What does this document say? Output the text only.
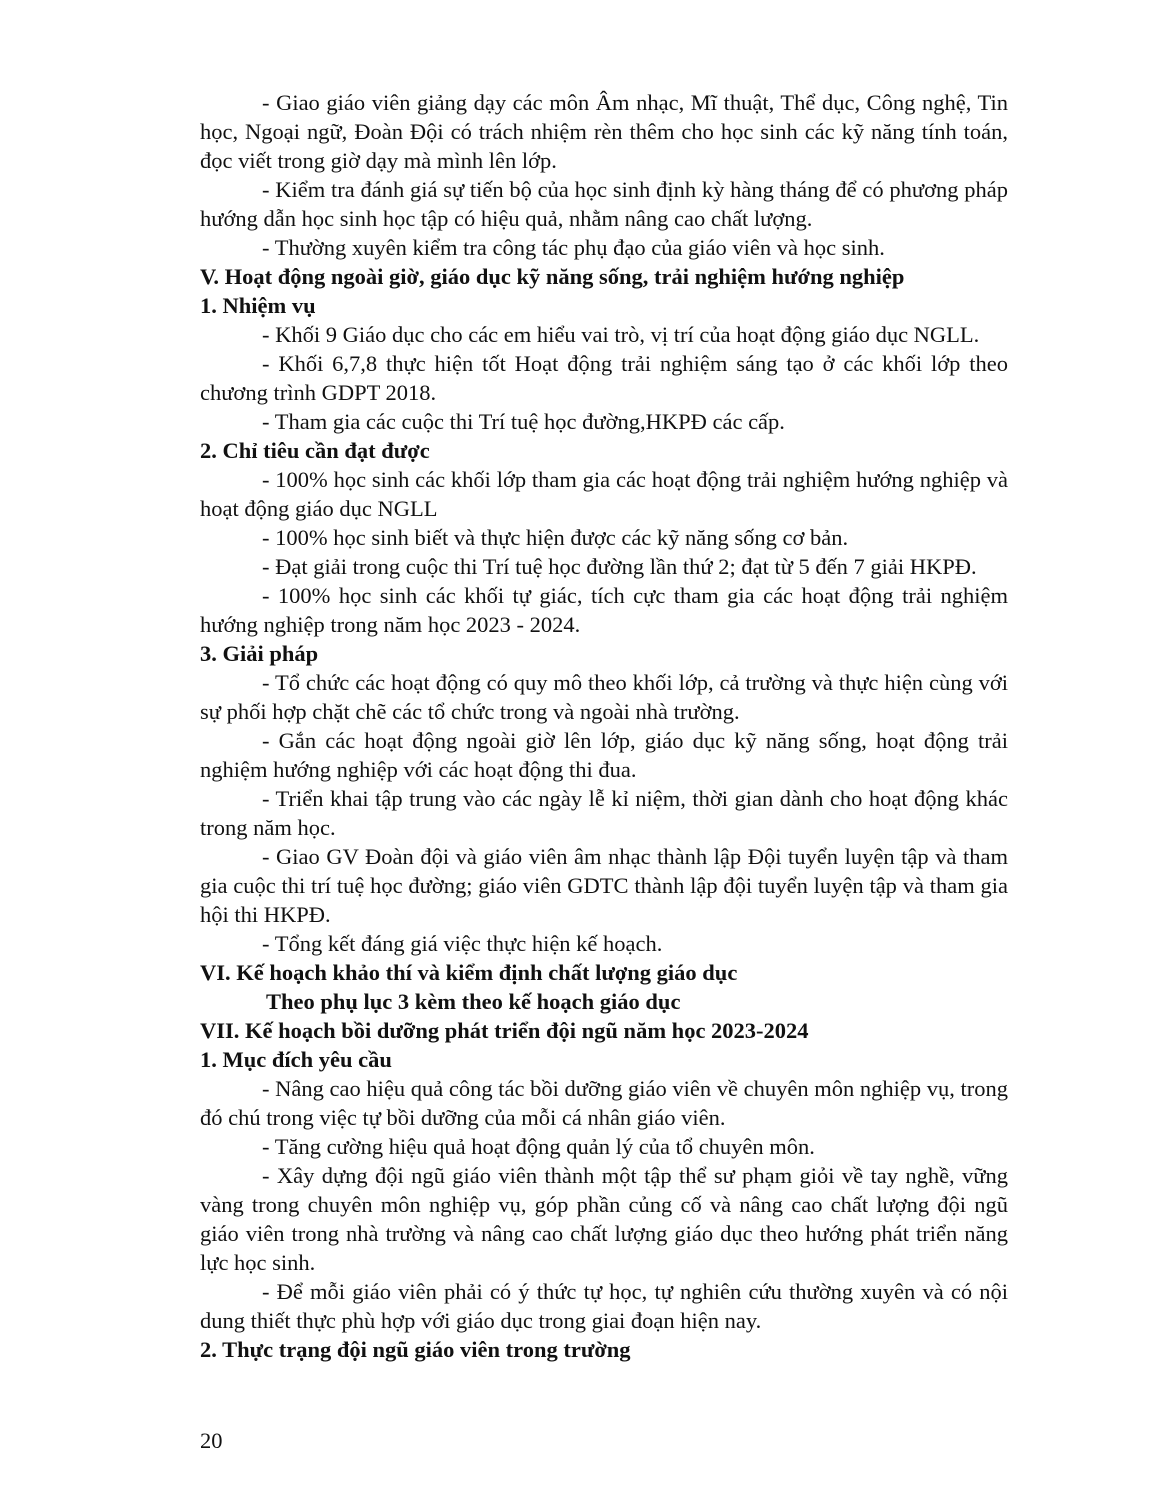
- Giao giáo viên giảng dạy các môn Âm nhạc, Mĩ thuật, Thể dục, Công nghệ, Tin học, Ngoại ngữ, Đoàn Đội có trách nhiệm rèn thêm cho học sinh các kỹ năng tính toán, đọc viết trong giờ dạy mà mình lên lớp.

- Kiểm tra đánh giá sự tiến bộ của học sinh định kỳ hàng tháng để có phương pháp hướng dẫn học sinh học tập có hiệu quả, nhằm nâng cao chất lượng.

- Thường xuyên kiểm tra công tác phụ đạo của giáo viên và học sinh.

V. Hoạt động ngoài giờ, giáo dục kỹ năng sống, trải nghiệm hướng nghiệp

1. Nhiệm vụ

- Khối 9 Giáo dục cho các em hiểu vai trò, vị trí của hoạt động giáo dục NGLL.

- Khối 6,7,8 thực hiện tốt Hoạt động trải nghiệm sáng tạo ở các khối lớp theo chương trình GDPT 2018.

- Tham gia các cuộc thi Trí tuệ học đường,HKPĐ các cấp.

2. Chỉ tiêu cần đạt được

- 100% học sinh các khối lớp tham gia các hoạt động trải nghiệm hướng nghiệp và hoạt động giáo dục NGLL

- 100% học sinh biết và thực hiện được các kỹ năng sống cơ bản.

- Đạt giải trong cuộc thi Trí tuệ học đường lần thứ 2; đạt từ 5 đến 7 giải HKPĐ.

- 100% học sinh các khối tự giác, tích cực tham gia các hoạt động trải nghiệm hướng nghiệp trong năm học 2023 - 2024.

3. Giải pháp

- Tổ chức các hoạt động có quy mô theo khối lớp, cả trường và thực hiện cùng với sự phối hợp chặt chẽ các tổ chức trong và ngoài nhà trường.

- Gắn các hoạt động ngoài giờ lên lớp, giáo dục kỹ năng sống, hoạt động trải nghiệm hướng nghiệp với các hoạt động thi đua.

- Triển khai tập trung vào các ngày lễ kỉ niệm, thời gian dành cho hoạt động khác trong năm học.

- Giao GV Đoàn đội và giáo viên âm nhạc thành lập Đội tuyển luyện tập và tham gia cuộc thi trí tuệ học đường; giáo viên GDTC thành lập đội tuyển luyện tập và tham gia hội thi HKPĐ.

- Tổng kết đáng giá việc thực hiện kế hoạch.

VI. Kế hoạch khảo thí và kiểm định chất lượng giáo dục

Theo phụ lục 3 kèm theo kế hoạch giáo dục

VII. Kế hoạch bồi dưỡng phát triển đội ngũ năm học 2023-2024

1. Mục đích yêu cầu

- Nâng cao hiệu quả công tác bồi dưỡng giáo viên về chuyên môn nghiệp vụ, trong đó chú trong việc tự bồi dưỡng của mỗi cá nhân giáo viên.

- Tăng cường hiệu quả hoạt động quản lý của tổ chuyên môn.

- Xây dựng đội ngũ giáo viên thành một tập thể sư phạm giỏi về tay nghề, vững vàng trong chuyên môn nghiệp vụ, góp phần củng cố và nâng cao chất lượng đội ngũ giáo viên trong nhà trường và nâng cao chất lượng giáo dục theo hướng phát triển năng lực học sinh.

- Để mỗi giáo viên phải có ý thức tự học, tự nghiên cứu thường xuyên và có nội dung thiết thực phù hợp với giáo dục trong giai đoạn hiện nay.

2. Thực trạng đội ngũ giáo viên trong trường

20
